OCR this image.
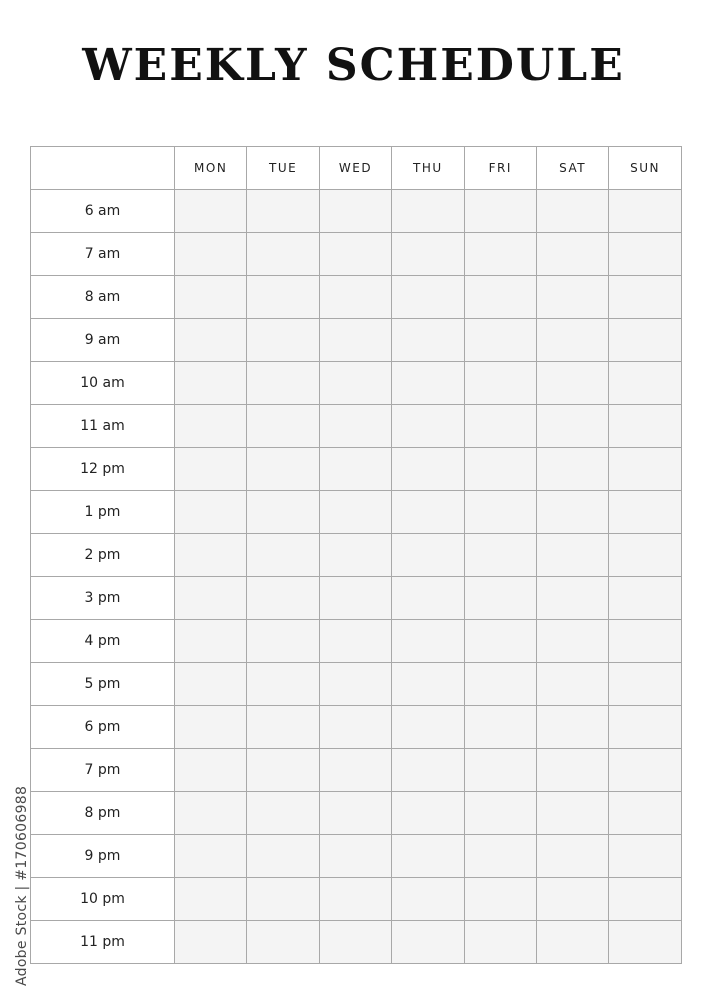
WEEKLY SCHEDULE
	MON	TUE	WED	THU	FRI	SAT	SUN
6 am							
7 am							
8 am							
9 am							
10 am							
11 am							
12 pm							
1 pm							
2 pm							
3 pm							
4 pm							
5 pm							
6 pm							
7 pm							
8 pm							
9 pm							
10 pm							
11 pm							
Adobe Stock | #170606988
